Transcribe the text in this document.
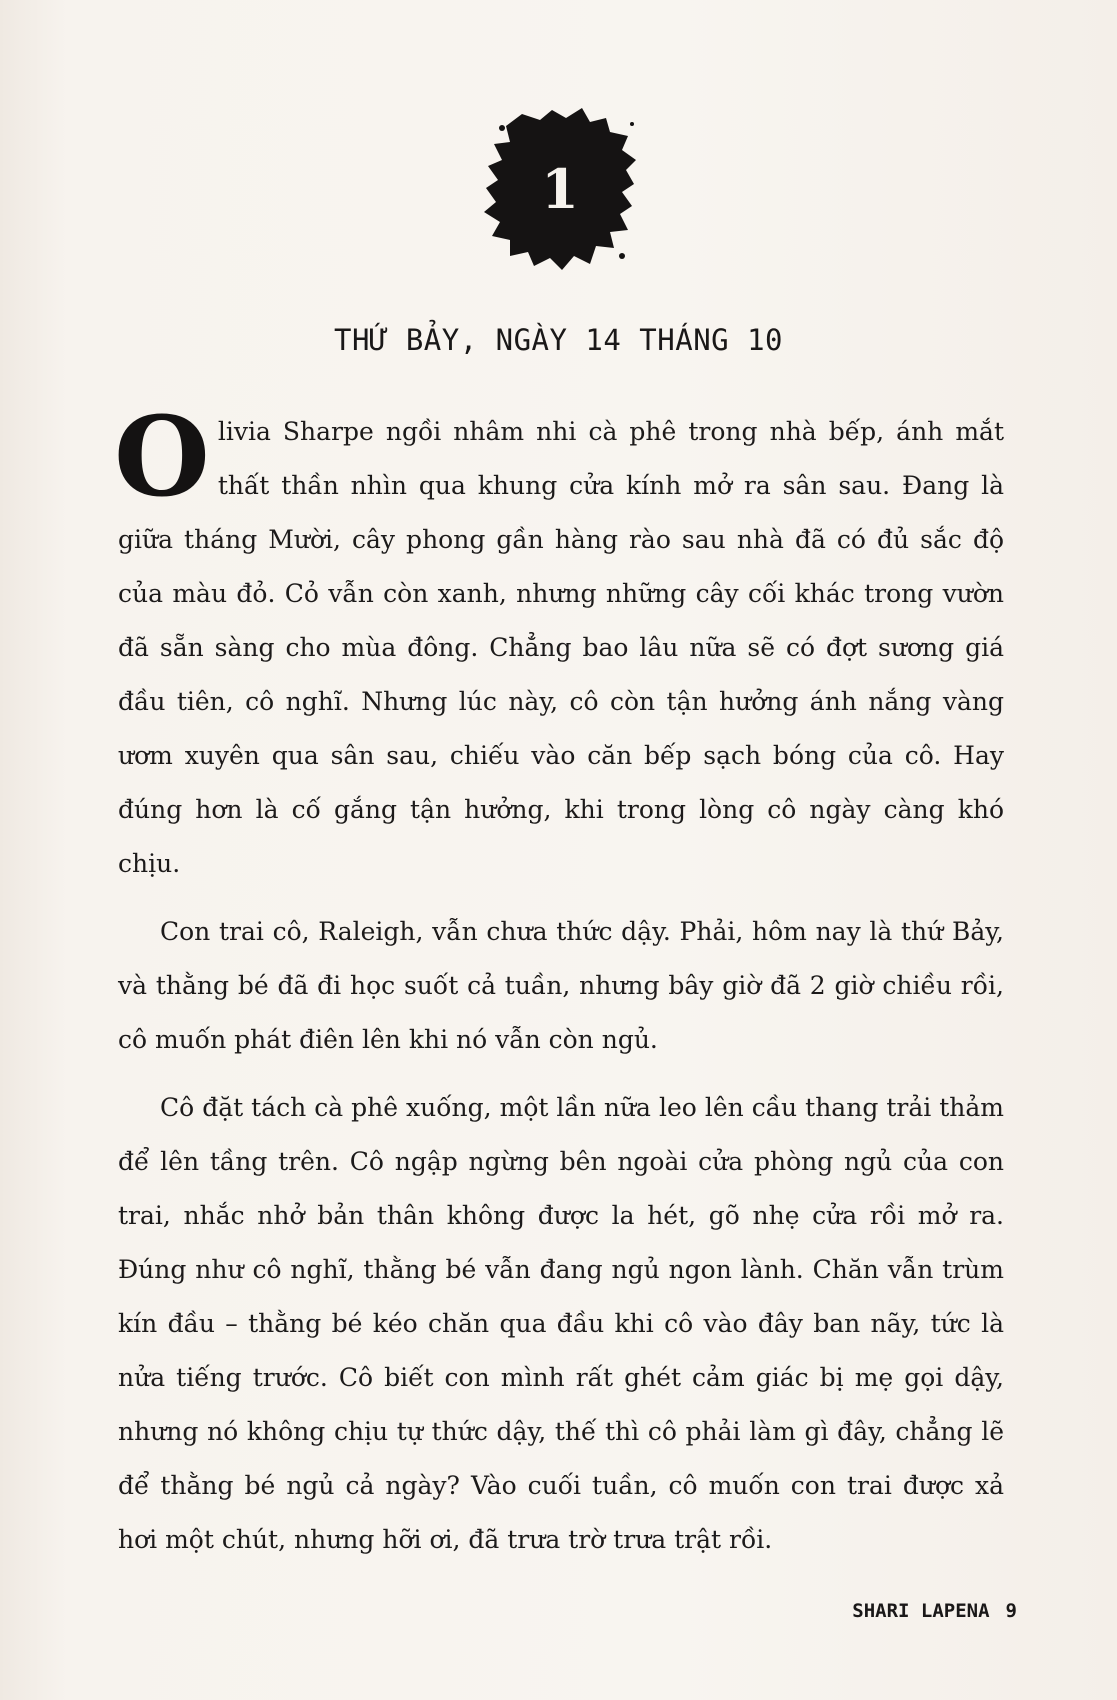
1
THỨ BẢY, NGÀY 14 THÁNG 10

Olivia Sharpe ngồi nhâm nhi cà phê trong nhà bếp, ánh mắt thất thần nhìn qua khung cửa kính mở ra sân sau. Đang là giữa tháng Mười, cây phong gần hàng rào sau nhà đã có đủ sắc độ của màu đỏ. Cỏ vẫn còn xanh, nhưng những cây cối khác trong vườn đã sẵn sàng cho mùa đông. Chẳng bao lâu nữa sẽ có đợt sương giá đầu tiên, cô nghĩ. Nhưng lúc này, cô còn tận hưởng ánh nắng vàng ươm xuyên qua sân sau, chiếu vào căn bếp sạch bóng của cô. Hay đúng hơn là cố gắng tận hưởng, khi trong lòng cô ngày càng khó chịu.

Con trai cô, Raleigh, vẫn chưa thức dậy. Phải, hôm nay là thứ Bảy, và thằng bé đã đi học suốt cả tuần, nhưng bây giờ đã 2 giờ chiều rồi, cô muốn phát điên lên khi nó vẫn còn ngủ.

Cô đặt tách cà phê xuống, một lần nữa leo lên cầu thang trải thảm để lên tầng trên. Cô ngập ngừng bên ngoài cửa phòng ngủ của con trai, nhắc nhở bản thân không được la hét, gõ nhẹ cửa rồi mở ra. Đúng như cô nghĩ, thằng bé vẫn đang ngủ ngon lành. Chăn vẫn trùm kín đầu – thằng bé kéo chăn qua đầu khi cô vào đây ban nãy, tức là nửa tiếng trước. Cô biết con mình rất ghét cảm giác bị mẹ gọi dậy, nhưng nó không chịu tự thức dậy, thế thì cô phải làm gì đây, chẳng lẽ để thằng bé ngủ cả ngày? Vào cuối tuần, cô muốn con trai được xả hơi một chút, nhưng hỡi ơi, đã trưa trờ trưa trật rồi.

SHARI LAPENA 9
